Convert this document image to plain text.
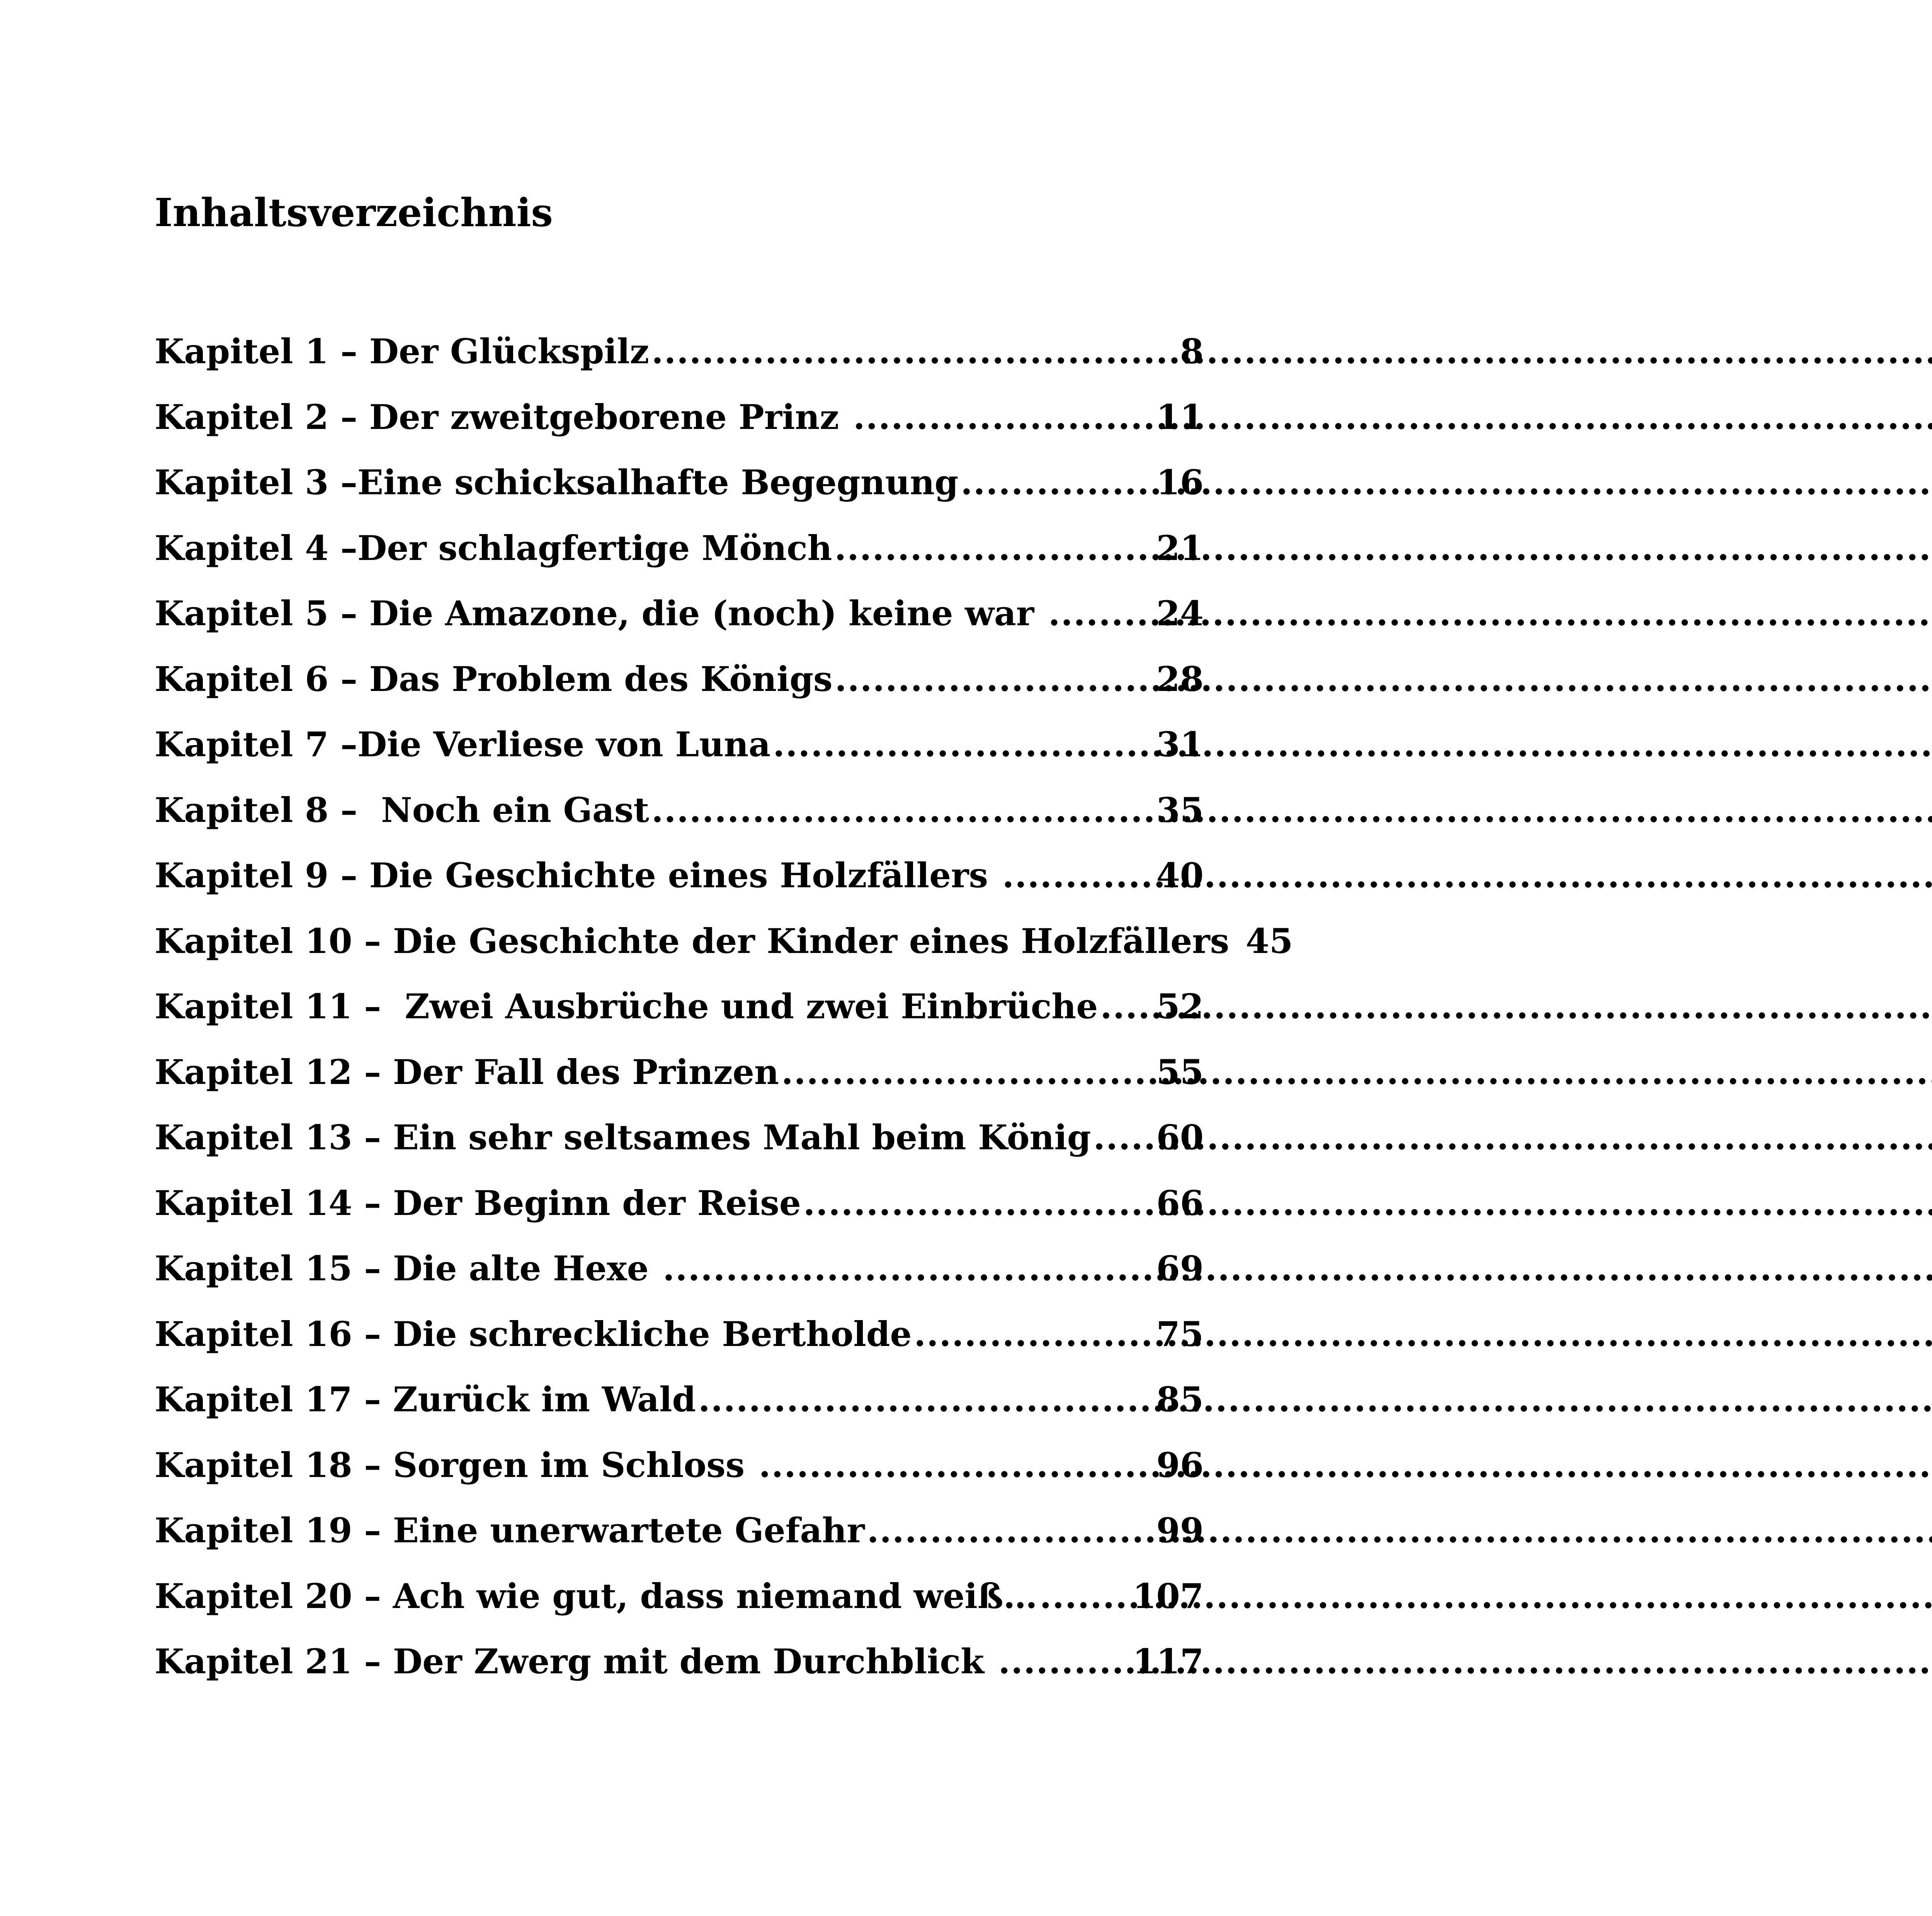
Inhaltsverzeichnis
Kapitel 1 – Der Glückspilz .....	8
Kapitel 2 – Der zweitgeborene Prinz .....	11
Kapitel 3 –Eine schicksalhafte Begegnung .....	16
Kapitel 4 –Der schlagfertige Mönch .....	21
Kapitel 5 – Die Amazone, die (noch) keine war .....	24
Kapitel 6 – Das Problem des Königs .....	28
Kapitel 7 –Die Verliese von Luna .....	31
Kapitel 8 –  Noch ein Gast .....	35
Kapitel 9 – Die Geschichte eines Holzfällers .....	40
Kapitel 10 – Die Geschichte der Kinder eines Holzfällers 45
Kapitel 11 –  Zwei Ausbrüche und zwei Einbrüche ..... 52
Kapitel 12 – Der Fall des Prinzen .....	55
Kapitel 13 – Ein sehr seltsames Mahl beim König ..... 60
Kapitel 14 – Der Beginn der Reise .....	66
Kapitel 15 – Die alte Hexe .....	69
Kapitel 16 – Die schreckliche Bertholde .....	75
Kapitel 17 – Zurück im Wald .....	85
Kapitel 18 – Sorgen im Schloss .....	96
Kapitel 19 – Eine unerwartete Gefahr .....	99
Kapitel 20 – Ach wie gut, dass niemand weiß… .....	107
Kapitel 21 – Der Zwerg mit dem Durchblick .....	117
